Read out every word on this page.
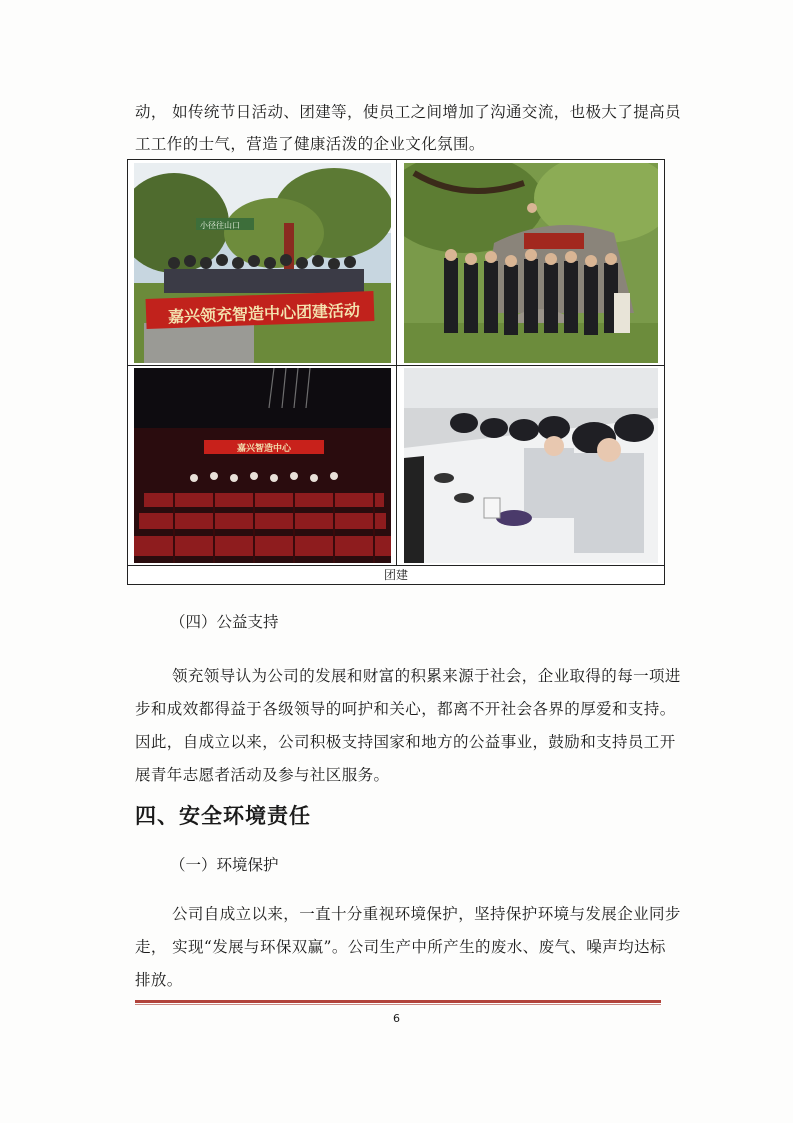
动， 如传统节日活动、团建等，使员工之间增加了沟通交流，也极大了提高员
工工作的士气，营造了健康活泼的企业文化氛围。
嘉兴领充智造中心团建活动
小径往山口
嘉兴智造中心
团建
（四）公益支持
领充领导认为公司的发展和财富的积累来源于社会，企业取得的每一项进
步和成效都得益于各级领导的呵护和关心，都离不开社会各界的厚爱和支持。
因此，自成立以来，公司积极支持国家和地方的公益事业，鼓励和支持员工开
展青年志愿者活动及参与社区服务。
四、安全环境责任
（一）环境保护
公司自成立以来，一直十分重视环境保护，坚持保护环境与发展企业同步
走， 实现“发展与环保双赢”。公司生产中所产生的废水、废气、噪声均达标
排放。
6
